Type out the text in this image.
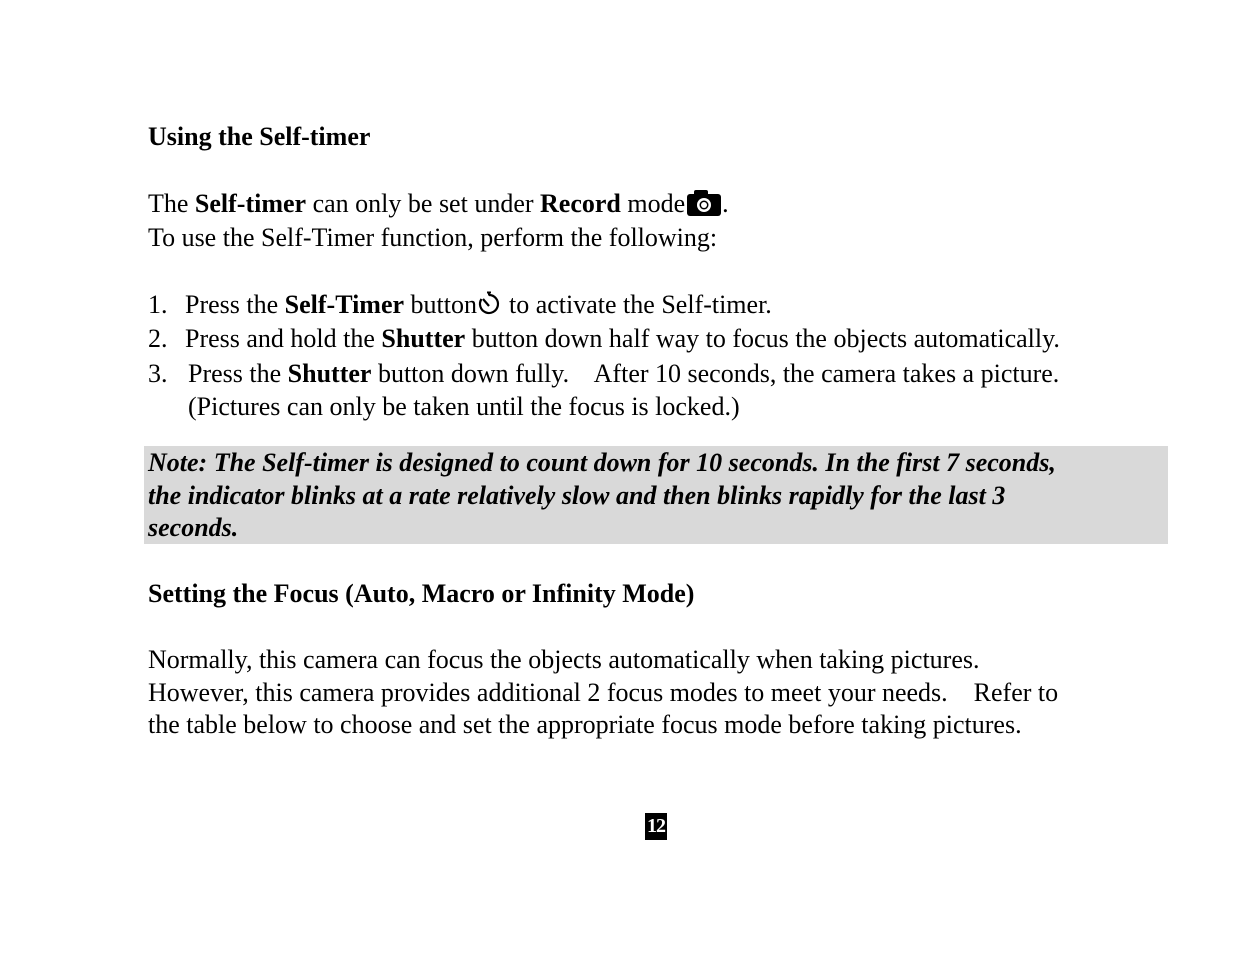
Using the Self-timer
The Self-timer can only be set under Record mode .
To use the Self-Timer function, perform the following:
1. Press the Self-Timer button to activate the Self-timer.
2. Press and hold the Shutter button down half way to focus the objects automatically.
3. Press the Shutter button down fully.    After 10 seconds, the camera takes a picture.
(Pictures can only be taken until the focus is locked.)
Note: The Self-timer is designed to count down for 10 seconds. In the first 7 seconds,
the indicator blinks at a rate relatively slow and then blinks rapidly for the last 3
seconds.
Setting the Focus (Auto, Macro or Infinity Mode)
Normally, this camera can focus the objects automatically when taking pictures.
However, this camera provides additional 2 focus modes to meet your needs.    Refer to
the table below to choose and set the appropriate focus mode before taking pictures.
12
